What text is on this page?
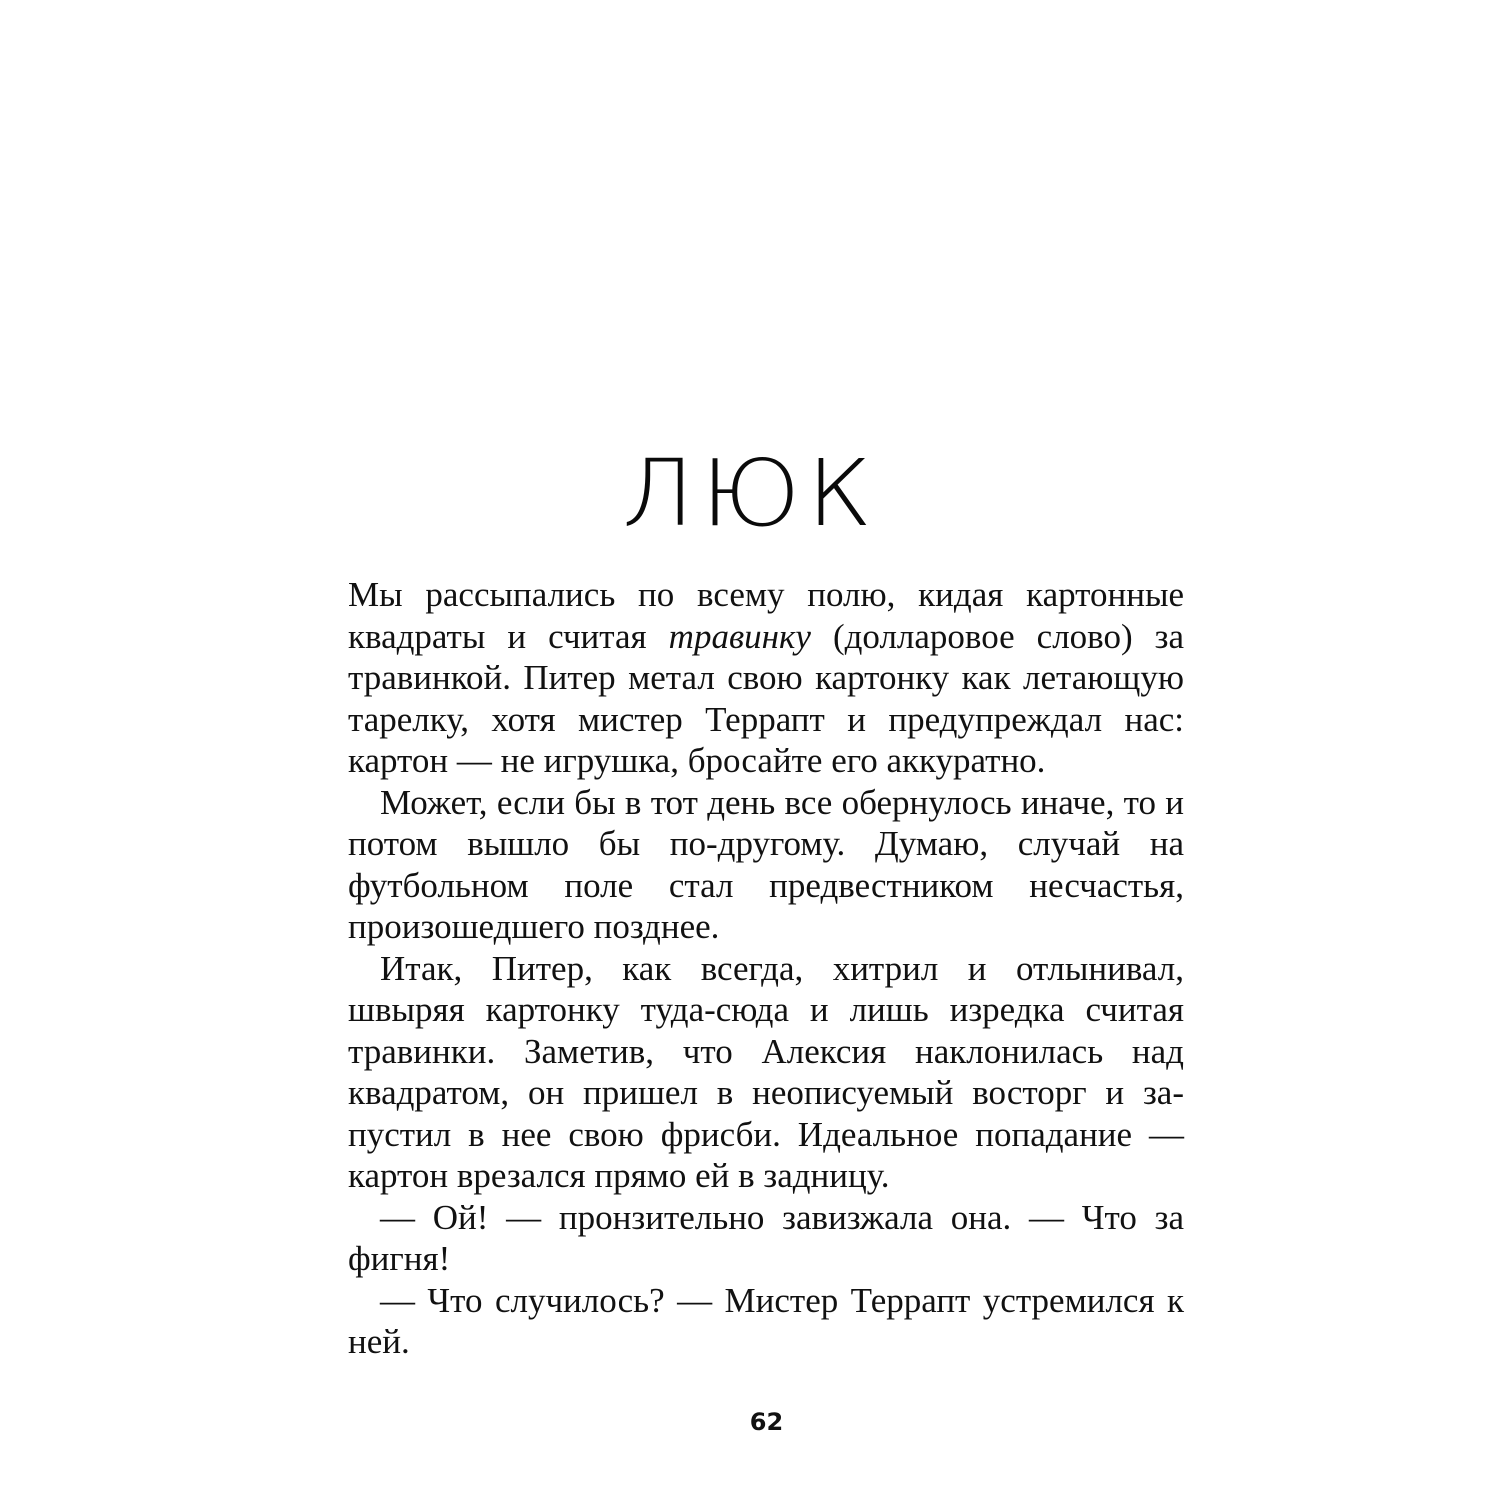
ЛЮК

Мы рассыпались по всему полю, кидая картонные квадраты и считая травинку (долларовое слово) за травинкой. Питер метал свою картонку как летающую тарелку, хотя мистер Террапт и предупреждал нас: картон — не игрушка, бросайте его аккуратно.

Может, если бы в тот день все обернулось иначе, то и потом вышло бы по-другому. Думаю, случай на футбольном поле стал предвестником несчастья, произошедшего позднее.

Итак, Питер, как всегда, хитрил и отлынивал, швыряя картонку туда-сюда и лишь изредка считая травинки. Заметив, что Алексия наклонилась над квадратом, он пришел в неописуемый восторг и запустил в нее свою фрисби. Идеальное попадание — картон врезался прямо ей в задницу.

— Ой! — пронзительно завизжала она. — Что за фигня!

— Что случилось? — Мистер Террапт устремился к ней.

62
